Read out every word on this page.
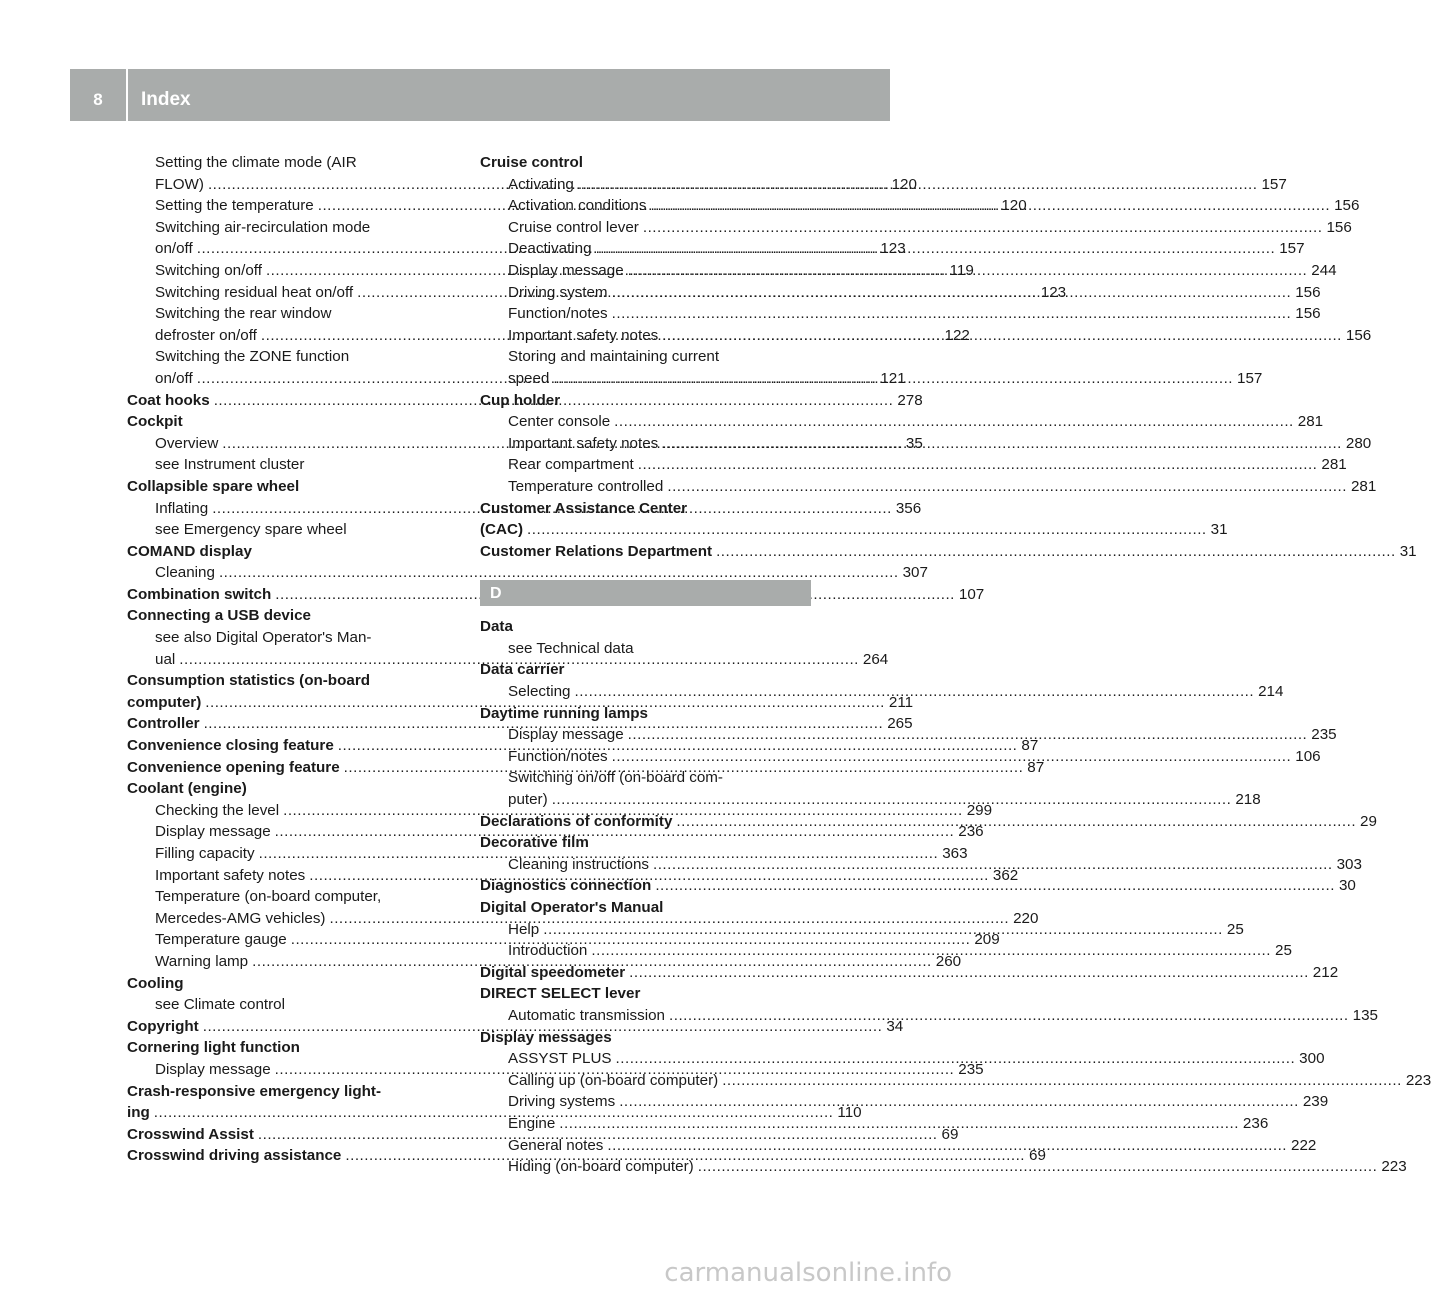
8	Index
Setting the climate mode (AIR
FLOW) .....	120
Setting the temperature .....	120
Switching air-recirculation mode
on/off .....	123
Switching on/off .....	119
Switching residual heat on/off .....	123
Switching the rear window
defroster on/off .....	122
Switching the ZONE function
on/off .....	121
Coat hooks .....	278
Cockpit
Overview .....	35
see Instrument cluster
Collapsible spare wheel
Inflating .....	356
see Emergency spare wheel
COMAND display
Cleaning .....	307
Combination switch .....	107
Connecting a USB device
see also Digital Operator's Man-
ual .....	264
Consumption statistics (on-board
computer) .....	211
Controller .....	265
Convenience closing feature .....	87
Convenience opening feature .....	87
Coolant (engine)
Checking the level .....	299
Display message .....	236
Filling capacity .....	363
Important safety notes .....	362
Temperature (on-board computer,
Mercedes-AMG vehicles) .....	220
Temperature gauge .....	209
Warning lamp .....	260
Cooling
see Climate control
Copyright .....	34
Cornering light function
Display message .....	235
Crash-responsive emergency light-
ing .....	110
Crosswind Assist .....	69
Crosswind driving assistance .....	69
Cruise control
Activating .....	157
Activation conditions .....	156
Cruise control lever .....	156
Deactivating .....	157
Display message .....	244
Driving system .....	156
Function/notes .....	156
Important safety notes .....	156
Storing and maintaining current
speed .....	157
Cup holder
Center console .....	281
Important safety notes .....	280
Rear compartment .....	281
Temperature controlled .....	281
Customer Assistance Center
(CAC) .....	31
Customer Relations Department .....	31
D
Data
see Technical data
Data carrier
Selecting .....	214
Daytime running lamps
Display message .....	235
Function/notes .....	106
Switching on/off (on-board com-
puter) .....	218
Declarations of conformity .....	29
Decorative film
Cleaning instructions .....	303
Diagnostics connection .....	30
Digital Operator's Manual
Help .....	25
Introduction .....	25
Digital speedometer .....	212
DIRECT SELECT lever
Automatic transmission .....	135
Display messages
ASSYST PLUS .....	300
Calling up (on-board computer) .....	223
Driving systems .....	239
Engine .....	236
General notes .....	222
Hiding (on-board computer) .....	223
carmanualsonline.info
